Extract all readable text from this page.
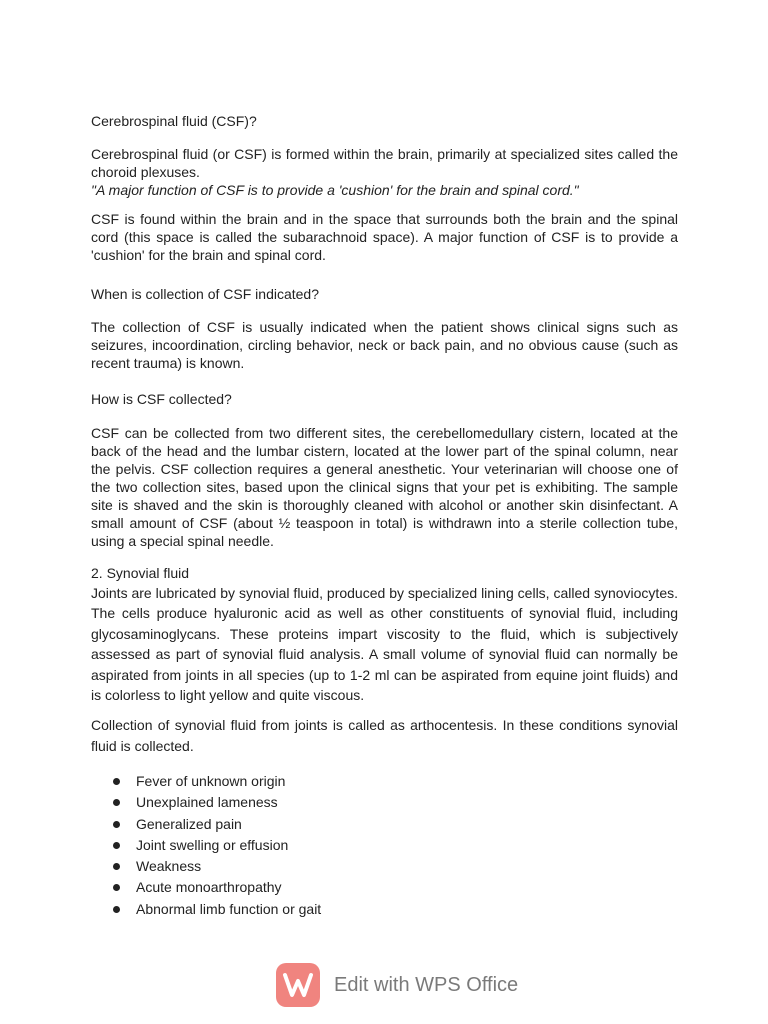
Cerebrospinal fluid (CSF)?

Cerebrospinal fluid (or CSF) is formed within the brain, primarily at specialized sites called the choroid plexuses.

"A major function of CSF is to provide a 'cushion' for the brain and spinal cord."

CSF is found within the brain and in the space that surrounds both the brain and the spinal cord (this space is called the subarachnoid space). A major function of CSF is to provide a 'cushion' for the brain and spinal cord.

When is collection of CSF indicated?

The collection of CSF is usually indicated when the patient shows clinical signs such as seizures, incoordination, circling behavior, neck or back pain, and no obvious cause (such as recent trauma) is known.

How is CSF collected?

CSF can be collected from two different sites, the cerebellomedullary cistern, located at the back of the head and the lumbar cistern, located at the lower part of the spinal column, near the pelvis. CSF collection requires a general anesthetic. Your veterinarian will choose one of the two collection sites, based upon the clinical signs that your pet is exhibiting. The sample site is shaved and the skin is thoroughly cleaned with alcohol or another skin disinfectant. A small amount of CSF (about ½ teaspoon in total) is withdrawn into a sterile collection tube, using a special spinal needle.

2. Synovial fluid

Joints are lubricated by synovial fluid, produced by specialized lining cells, called synoviocytes. The cells produce hyaluronic acid as well as other constituents of synovial fluid, including glycosaminoglycans. These proteins impart viscosity to the fluid, which is subjectively assessed as part of synovial fluid analysis. A small volume of synovial fluid can normally be aspirated from joints in all species (up to 1-2 ml can be aspirated from equine joint fluids) and is colorless to light yellow and quite viscous.

Collection of synovial fluid from joints is called as arthocentesis. In these conditions synovial fluid is collected.

Fever of unknown origin
Unexplained lameness
Generalized pain
Joint swelling or effusion
Weakness
Acute monoarthropathy
Abnormal limb function or gait
Edit with WPS Office
